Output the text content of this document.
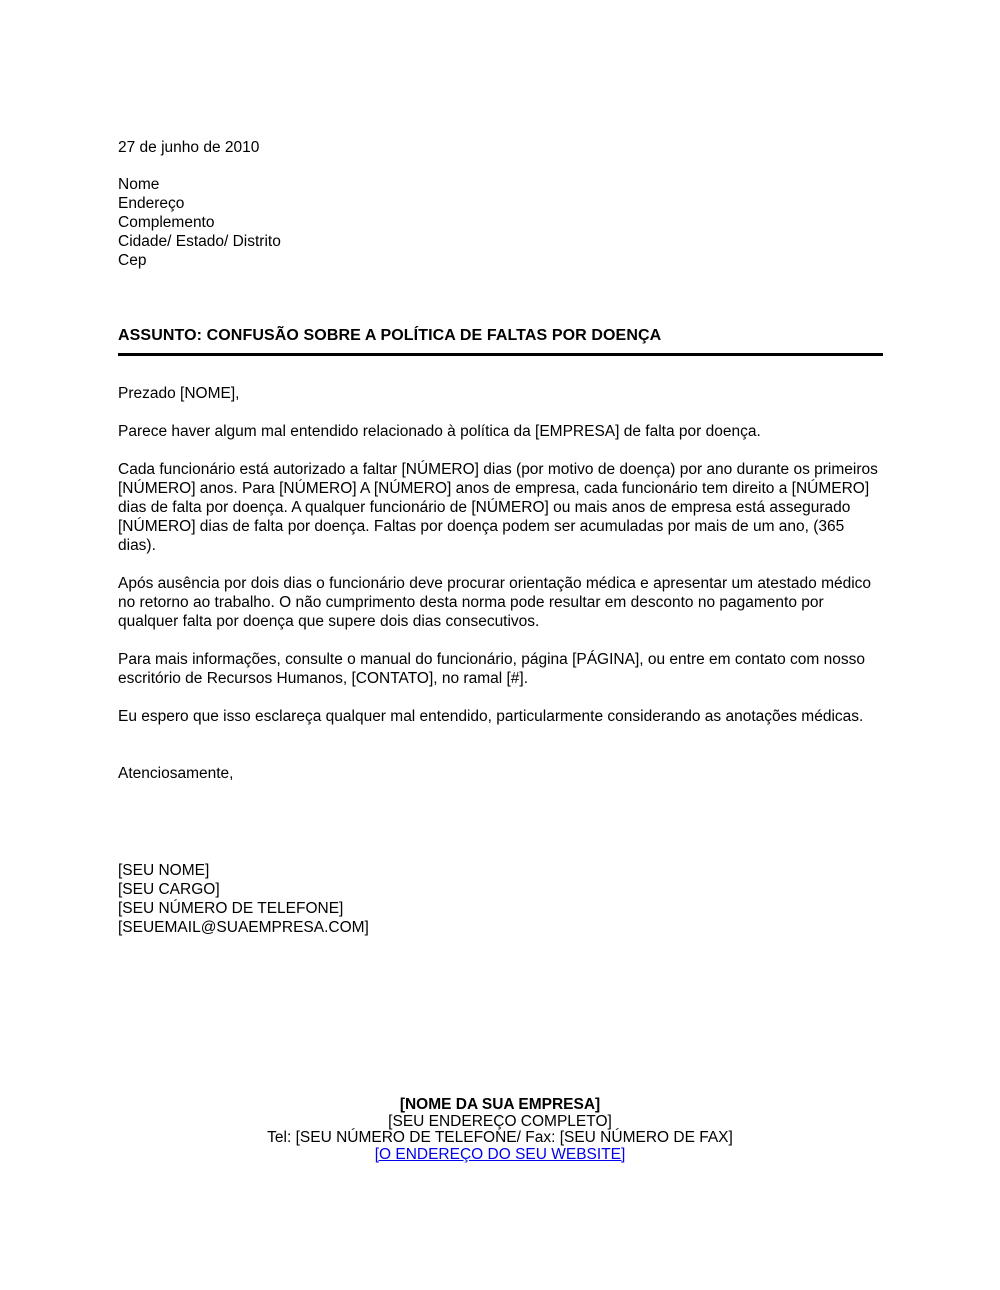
27 de junho de 2010
Nome
Endereço
Complemento
Cidade/ Estado/ Distrito
Cep
ASSUNTO: CONFUSÃO SOBRE A POLÍTICA DE FALTAS POR DOENÇA
Prezado [NOME],

Parece haver algum mal entendido relacionado à política da [EMPRESA] de falta por doença.

Cada funcionário está autorizado a faltar [NÚMERO] dias (por motivo de doença) por ano durante os primeiros [NÚMERO] anos. Para [NÚMERO] A [NÚMERO] anos de empresa, cada funcionário tem direito a [NÚMERO] dias de falta por doença. A qualquer funcionário de [NÚMERO] ou mais anos de empresa está assegurado [NÚMERO] dias de falta por doença. Faltas por doença podem ser acumuladas por mais de um ano, (365 dias).

Após ausência por dois dias o funcionário deve procurar orientação médica e apresentar um atestado médico no retorno ao trabalho. O não cumprimento desta norma pode resultar em desconto no pagamento por qualquer falta por doença que supere dois dias consecutivos.

Para mais informações, consulte o manual do funcionário, página [PÁGINA], ou entre em contato com nosso escritório de Recursos Humanos, [CONTATO], no ramal [#].

Eu espero que isso esclareça qualquer mal entendido, particularmente considerando as anotações médicas.

Atenciosamente,
[SEU NOME]
[SEU CARGO]
[SEU NÚMERO DE TELEFONE]
[SEUEMAIL@SUAEMPRESA.COM]
[NOME DA SUA EMPRESA]
[SEU ENDEREÇO COMPLETO]
Tel: [SEU NÚMERO DE TELEFONE/ Fax: [SEU NÚMERO DE FAX]
[O ENDEREÇO DO SEU WEBSITE]
